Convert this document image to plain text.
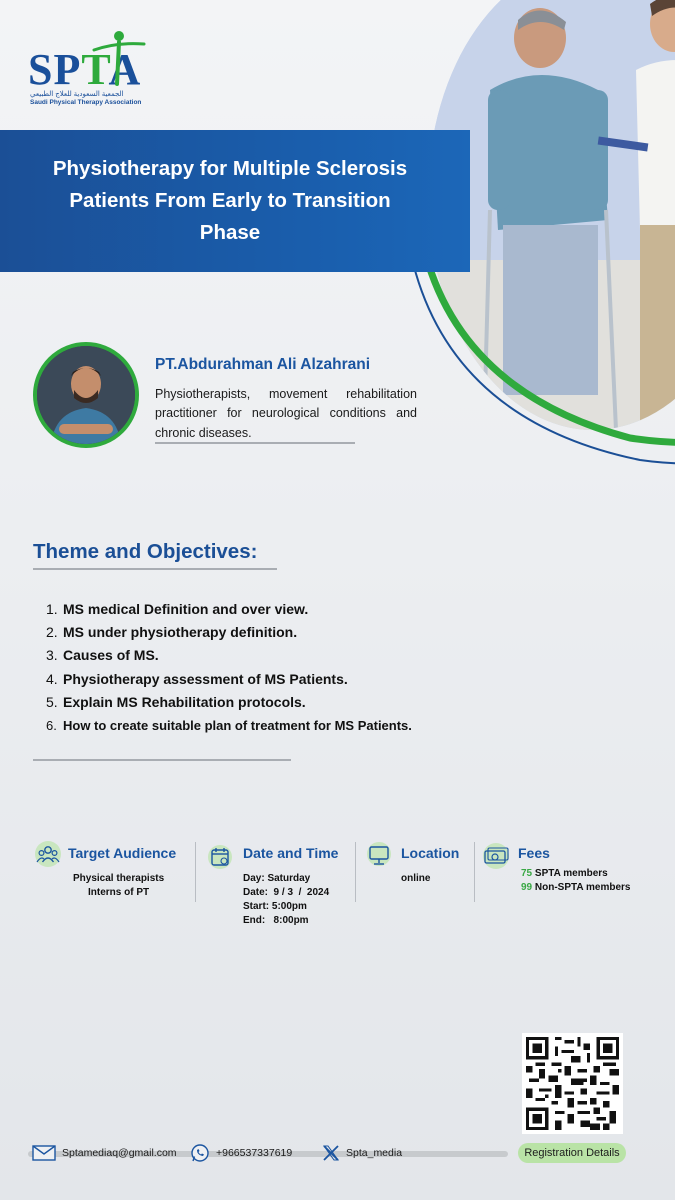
SPTA
الجمعية السعودية للعلاج الطبيعي
Saudi Physical Therapy Association
Physiotherapy for Multiple Sclerosis
Patients From Early to Transition
Phase
PT.Abdurahman Ali Alzahrani
Physiotherapists, movement rehabilitation practitioner for neurological conditions and chronic diseases.
Theme and Objectives:
1. MS medical Definition and over view.
2. MS under physiotherapy definition.
3. Causes of MS.
4. Physiotherapy assessment of MS Patients.
5. Explain MS Rehabilitation protocols.
6. How to create suitable plan of treatment for MS Patients.
Target Audience
Physical therapists
Interns of PT
Date and Time
Day: Saturday
Date:  9 / 3  /  2024
Start: 5:00pm
End:   8:00pm
Location
online
Fees
75 SPTA members
99 Non-SPTA members
Registration Details
Sptamediaq@gmail.com	+966537337619	Spta_media
